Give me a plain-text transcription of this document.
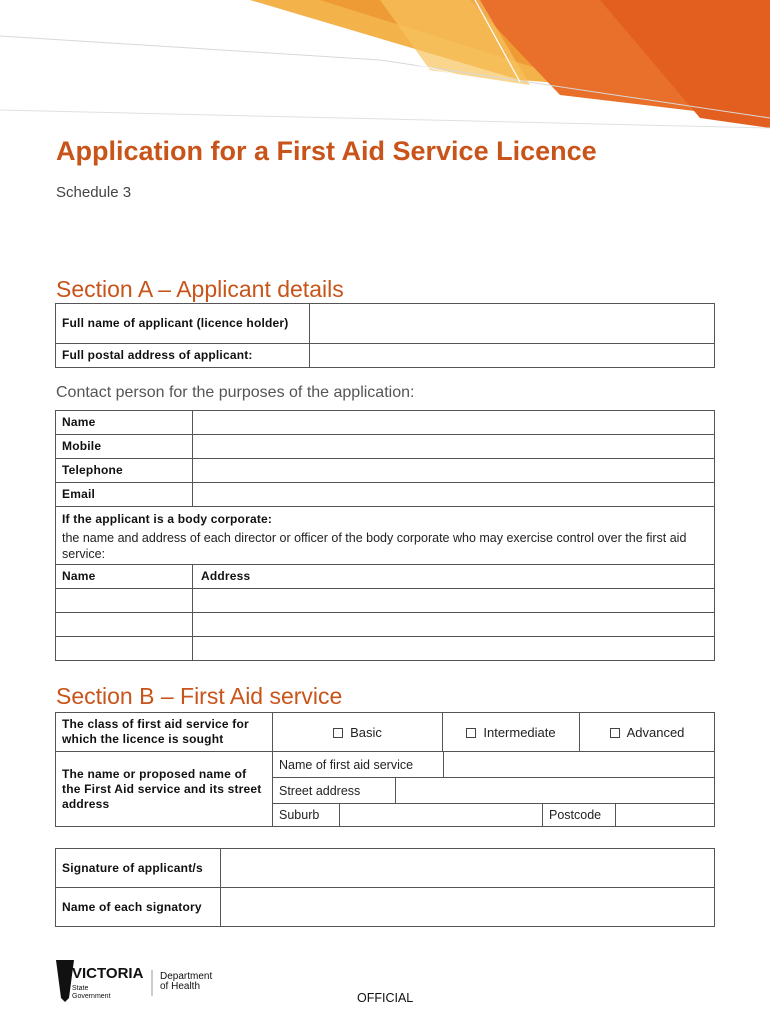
Application for a First Aid Service Licence
Schedule 3
Section A – Applicant details
Full name of applicant (licence holder)	

Full postal address of applicant:	

Contact person for the purposes of the application:
Name	

Mobile	

Telephone	

Email	

If the applicant is a body corporate:
the name and address of each director or officer of the body corporate who may exercise control over the first aid service:	

Name	Address

Section B – First Aid service
The class of first aid service for which the licence is sought	Basic	Intermediate	Advanced

The name or proposed name of the First Aid service and its street address	Name of first aid service
Street address
Suburb Postcode		
Signature of applicant/s	

Name of each signatory	

VICTORIA
State
Government
Department
of Health
OFFICIAL
